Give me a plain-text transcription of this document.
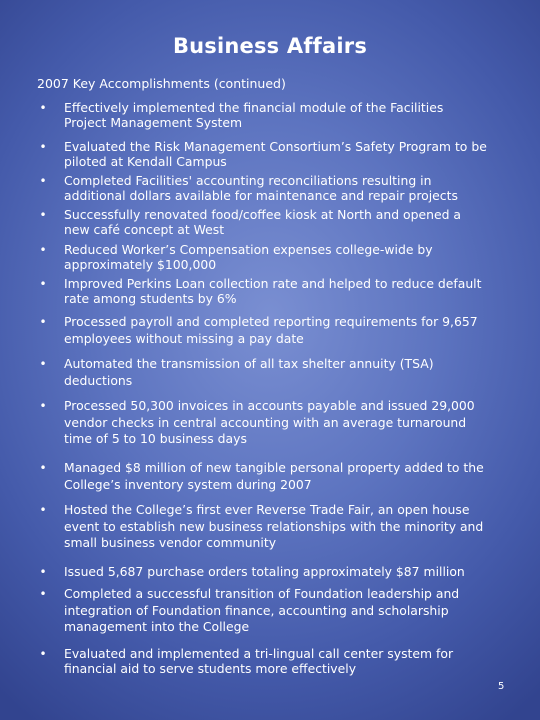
Business Affairs
2007 Key Accomplishments (continued)
• Effectively implemented the financial module of the Facilities
Project Management System
• Evaluated the Risk Management Consortium’s Safety Program to be
piloted at Kendall Campus
• Completed Facilities' accounting reconciliations resulting in
additional dollars available for maintenance and repair projects
• Successfully renovated food/coffee kiosk at North and opened a
new café concept at West
• Reduced Worker’s Compensation expenses college-wide by
approximately $100,000
• Improved Perkins Loan collection rate and helped to reduce default
rate among students by 6%
• Processed payroll and completed reporting requirements for 9,657
employees without missing a pay date
• Automated the transmission of all tax shelter annuity (TSA)
deductions
• Processed 50,300 invoices in accounts payable and issued 29,000
vendor checks in central accounting with an average turnaround
time of 5 to 10 business days
• Managed $8 million of new tangible personal property added to the
College’s inventory system during 2007
• Hosted the College’s first ever Reverse Trade Fair, an open house
event to establish new business relationships with the minority and
small business vendor community
• Issued 5,687 purchase orders totaling approximately $87 million
• Completed a successful transition of Foundation leadership and
integration of Foundation finance, accounting and scholarship
management into the College
• Evaluated and implemented a tri-lingual call center system for
financial aid to serve students more effectively
5
